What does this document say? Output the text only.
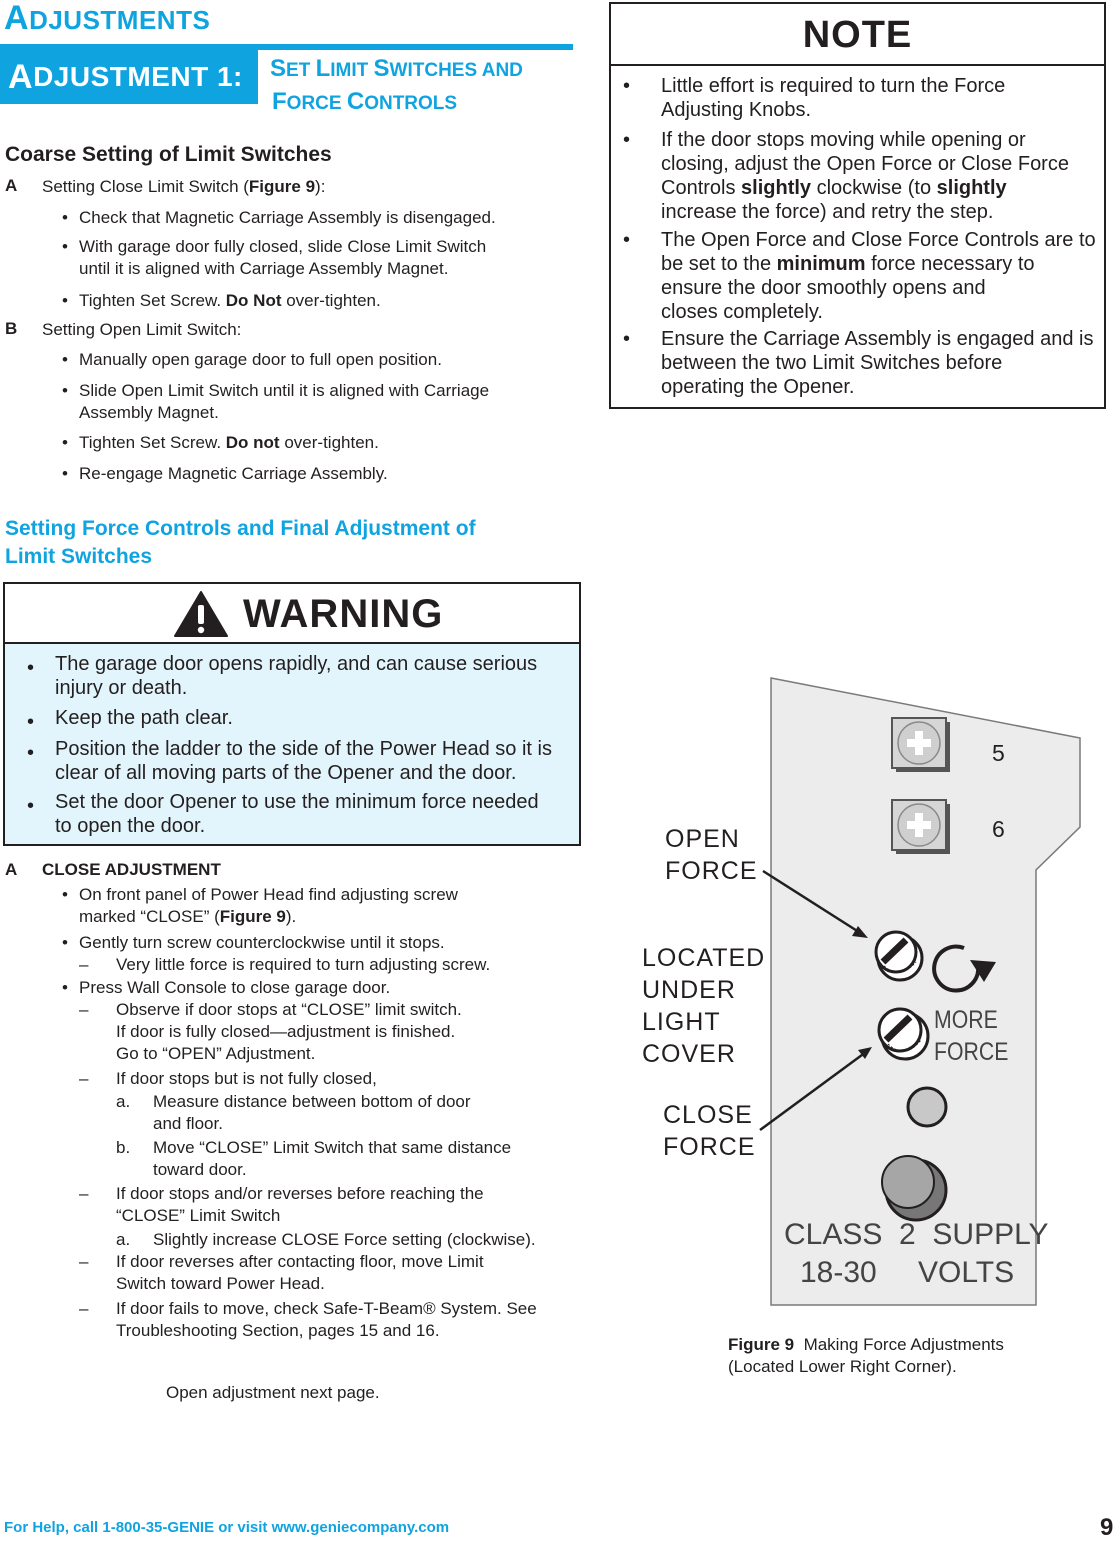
ADJUSTMENTS
A DJUSTMENT 1: SET LIMIT SWITCHES AND
FORCE CONTROLS
Coarse Setting of Limit Switches
A Setting Close Limit Switch (Figure 9):
• Check that Magnetic Carriage Assembly is disengaged.
• With garage door fully closed, slide Close Limit Switch
until it is aligned with Carriage Assembly Magnet.
• Tighten Set Screw. Do Not over-tighten.
B Setting Open Limit Switch:
• Manually open garage door to full open position.
• Slide Open Limit Switch until it is aligned with Carriage
Assembly Magnet.
• Tighten Set Screw. Do not over-tighten.
• Re-engage Magnetic Carriage Assembly.
Setting Force Controls and Final Adjustment of
Limit Switches
WARNING
• The garage door opens rapidly, and can cause serious
injury or death.
• Keep the path clear.
• Position the ladder to the side of the Power Head so it is
clear of all moving parts of the Opener and the door.
• Set the door Opener to use the minimum force needed
to open the door.
A CLOSE ADJUSTMENT
• On front panel of Power Head find adjusting screw
marked “CLOSE” (Figure 9).
• Gently turn screw counterclockwise until it stops.
– Very little force is required to turn adjusting screw.
• Press Wall Console to close garage door.
– Observe if door stops at “CLOSE” limit switch.
If door is fully closed—adjustment is finished.
Go to “OPEN” Adjustment.
– If door stops but is not fully closed,
a. Measure distance between bottom of door
and floor.
b. Move “CLOSE” Limit Switch that same distance
toward door.
– If door stops and/or reverses before reaching the
“CLOSE” Limit Switch
a. Slightly increase CLOSE Force setting (clockwise).
– If door reverses after contacting floor, move Limit
Switch toward Power Head.
– If door fails to move, check Safe-T-Beam® System. See
Troubleshooting Section, pages 15 and 16.
Open adjustment next page.
NOTE
• Little effort is required to turn the Force
Adjusting Knobs.
• If the door stops moving while opening or
closing, adjust the Open Force or Close Force
Controls slightly clockwise (to slightly
increase the force) and retry the step.
• The Open Force and Close Force Controls are to
be set to the minimum force necessary to
ensure the door smoothly opens and
closes completely.
• Ensure the Carriage Assembly is engaged and is
between the two Limit Switches before
operating the Opener.
5
6
OPEN
FORCE
LOCATED
UNDER
LIGHT
COVER
CLOSE
FORCE
MORE
FORCE
CLASS  2  SUPPLY
18-30 VOLTS
Figure 9  Making Force Adjustments
(Located Lower Right Corner).
For Help, call 1-800-35-GENIE or visit www.geniecompany.com	9
